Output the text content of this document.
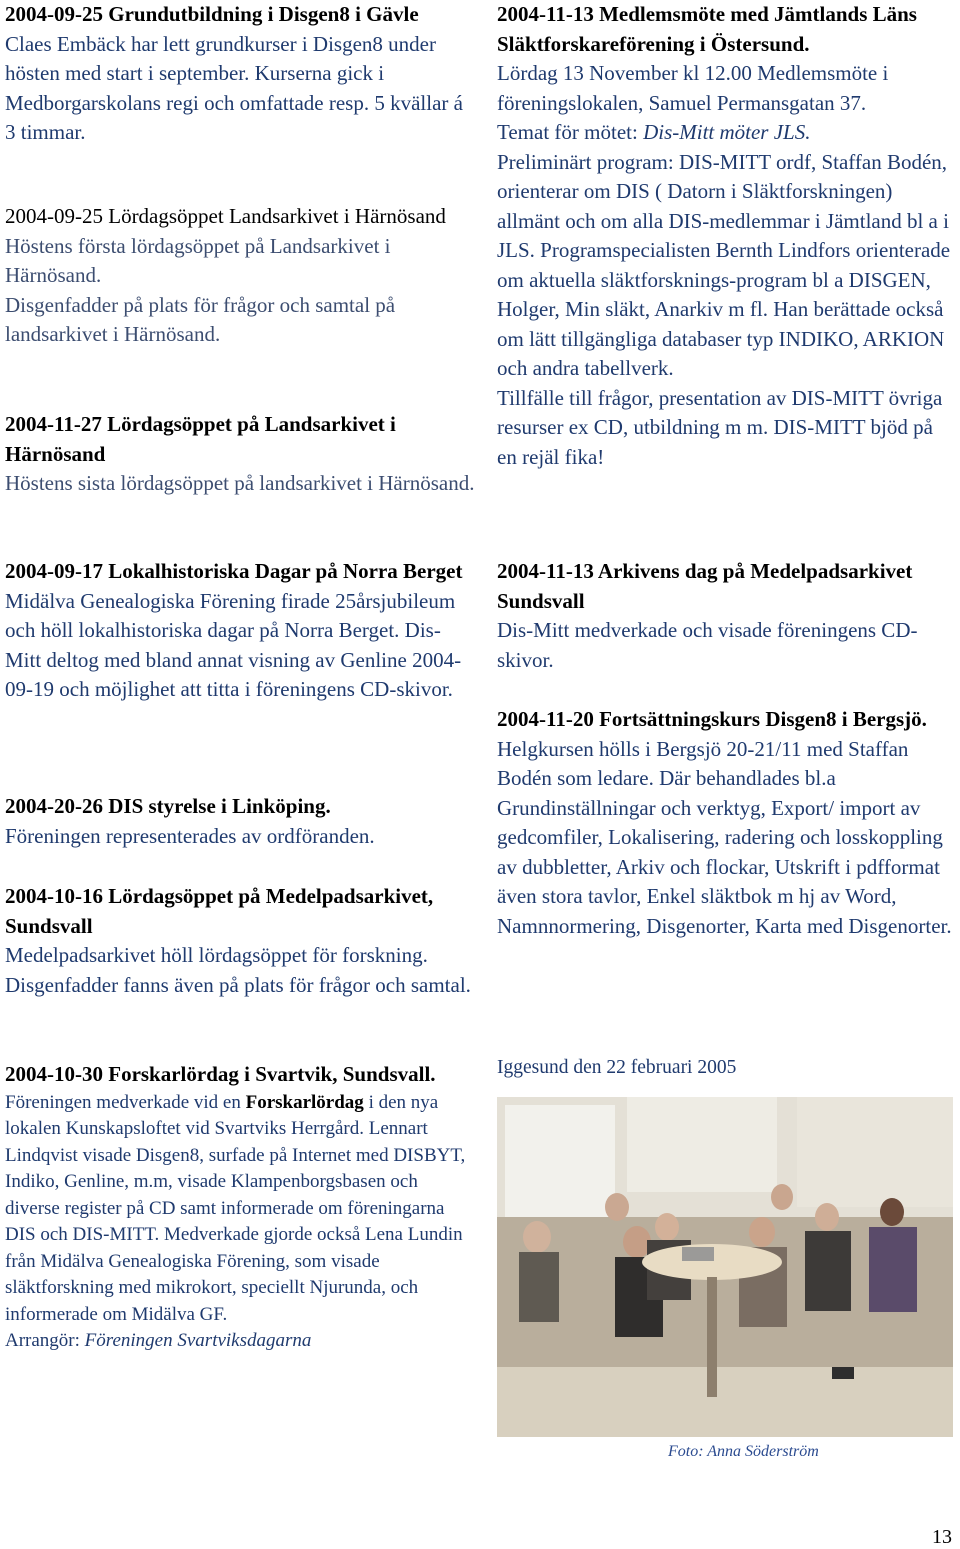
2004-09-25 Grundutbildning i Disgen8 i Gävle

Claes Embäck har lett grundkurser i Disgen8 under hösten med start i september. Kurserna gick i Medborgarskolans regi och omfattade resp. 5 kvällar á 3 timmar.

2004-09-25 Lördagsöppet Landsarkivet i Härnösand

Höstens första lördagsöppet på Landsarkivet i Härnösand.

Disgenfadder på plats för frågor och samtal på landsarkivet i Härnösand.

2004-11-27 Lördagsöppet på Landsarkivet i Härnösand

Höstens sista lördagsöppet på landsarkivet i Härnösand.

2004-09-17 Lokalhistoriska Dagar på Norra Berget

Midälva Genealogiska Förening firade 25årsjubileum och höll lokalhistoriska dagar på Norra Berget. Dis-Mitt deltog med bland annat visning av Genline 2004-09-19 och möjlighet att titta i föreningens CD-skivor.

2004-20-26 DIS styrelse i Linköping.

Föreningen representerades av ordföranden.

2004-10-16 Lördagsöppet på Medelpadsarkivet, Sundsvall

Medelpadsarkivet höll lördagsöppet för forskning. Disgenfadder fanns även på plats för frågor och samtal.

2004-10-30 Forskarlördag i Svartvik, Sundsvall.

Föreningen medverkade vid en Forskarlördag i den nya lokalen Kunskapsloftet vid Svartviks Herrgård. Lennart Lindqvist visade Disgen8, surfade på Internet med DISBYT, Indiko, Genline, m.m, visade Klampenborgsbasen och diverse register på CD samt informerade om föreningarna DIS och DIS-MITT. Medverkade gjorde också Lena Lundin från Midälva Genealogiska Förening, som visade släktforskning med mikrokort, speciellt Njurunda, och informerade om Midälva GF.

Arrangör: Föreningen Svartviksdagarna

2004-11-13 Medlemsmöte med Jämtlands Läns Släktforskareförening i Östersund.

Lördag 13 November kl 12.00 Medlemsmöte i föreningslokalen, Samuel Permansgatan 37.

Temat för mötet: Dis-Mitt möter JLS.

Preliminärt program: DIS-MITT ordf, Staffan Bodén, orienterar om DIS ( Datorn i Släktforskningen) allmänt och om alla DIS-medlemmar i Jämtland bl a i JLS. Programspecialisten Bernth Lindfors orienterade om aktuella släktforsknings-program bl a DISGEN, Holger, Min släkt, Anarkiv m fl. Han berättade också om lätt tillgängliga databaser typ INDIKO, ARKION och andra tabellverk.

Tillfälle till frågor, presentation av DIS-MITT övriga resurser ex CD, utbildning m m. DIS-MITT bjöd på en rejäl fika!

2004-11-13 Arkivens dag på Medelpadsarkivet Sundsvall

Dis-Mitt medverkade och visade föreningens CD-skivor.

2004-11-20 Fortsättningskurs Disgen8 i Bergsjö.

Helgkursen hölls i Bergsjö 20-21/11 med Staffan Bodén som ledare. Där behandlades bl.a Grundinställningar och verktyg, Export/ import av gedcomfiler, Lokalisering, radering och losskoppling av dubbletter, Arkiv och flockar, Utskrift i pdfformat även stora tavlor, Enkel släktbok m hj av Word, Namnnormering, Disgenorter, Karta med Disgenorter.

Iggesund den 22 februari 2005

Foto: Anna Söderström
13
